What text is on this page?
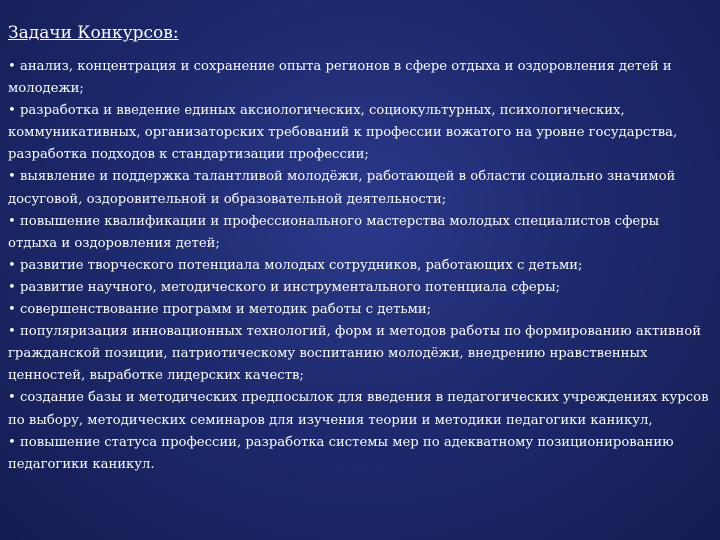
Задачи Конкурсов:

• анализ, концентрация и сохранение опыта регионов в сфере отдыха и оздоровления детей и молодежи;

• разработка и введение единых аксиологических, социокультурных, психологических, коммуникативных, организаторских требований к профессии вожатого на уровне государства, разработка подходов к стандартизации профессии;

• выявление и поддержка талантливой молодёжи, работающей в области социально значимой досуговой, оздоровительной и образовательной деятельности;

• повышение квалификации и профессионального мастерства молодых специалистов сферы отдыха и оздоровления детей;

• развитие творческого потенциала молодых сотрудников, работающих с детьми;

• развитие научного, методического и инструментального потенциала сферы;

• совершенствование программ и методик работы с детьми;

• популяризация инновационных технологий, форм и методов работы по формированию активной гражданской позиции, патриотическому воспитанию молодёжи, внедрению нравственных ценностей, выработке лидерских качеств;

• создание базы и методических предпосылок для введения в педагогических учреждениях курсов по выбору, методических семинаров для изучения теории и методики педагогики каникул,

• повышение статуса профессии, разработка системы мер по адекватному позиционированию педагогики каникул.
